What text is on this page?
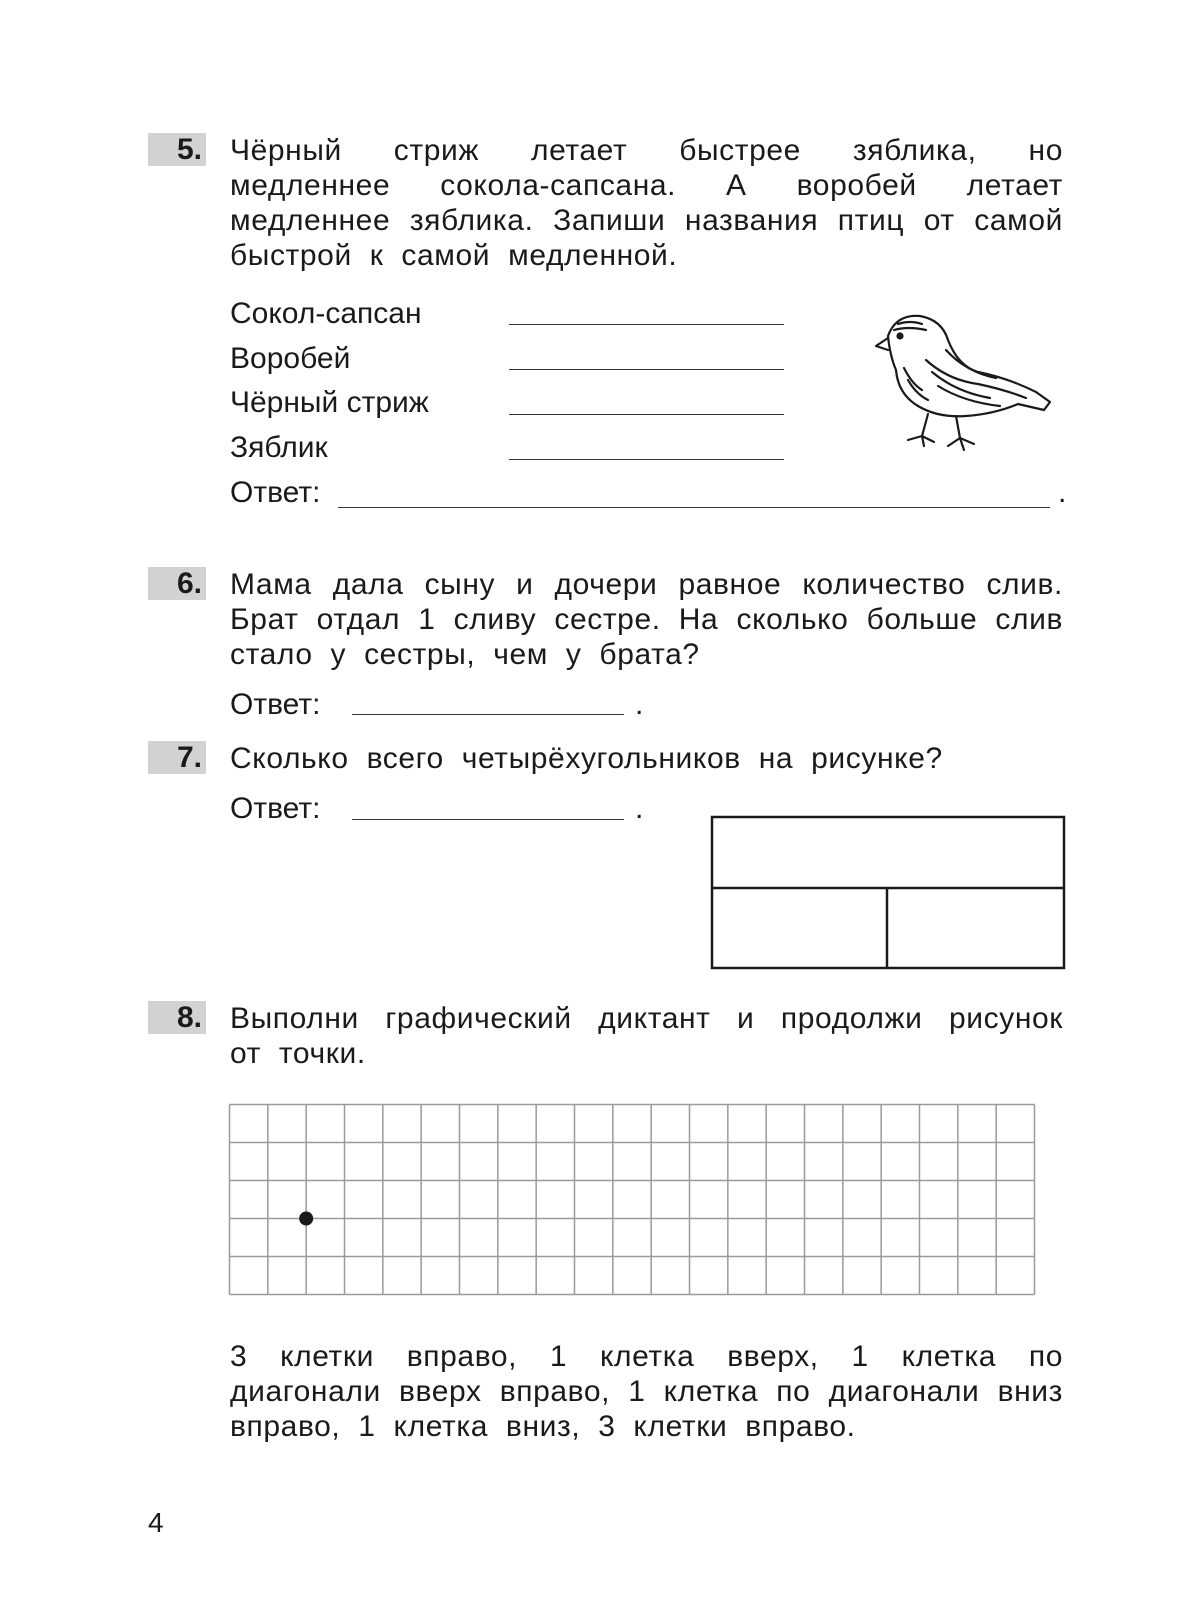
5. Чёрный стриж летает быстрее зяблика, но медленнее сокола-сапсана. А воробей летает медленнее зяблика. Запиши названия птиц от самой быстрой к самой медленной.
Сокол-сапсан
Воробей
Чёрный стриж
Зяблик
Ответ:	.
6. Мама дала сыну и дочери равное количество слив. Брат отдал 1 сливу сестре. На сколько больше слив стало у сестры, чем у брата?
Ответ:	.
7. Сколько всего четырёхугольников на рисунке?
Ответ:	.
8. Выполни графический диктант и продолжи рисунок от точки.
3 клетки вправо, 1 клетка вверх, 1 клетка по диагонали вверх вправо, 1 клетка по диагонали вниз вправо, 1 клетка вниз, 3 клетки вправо.
4
